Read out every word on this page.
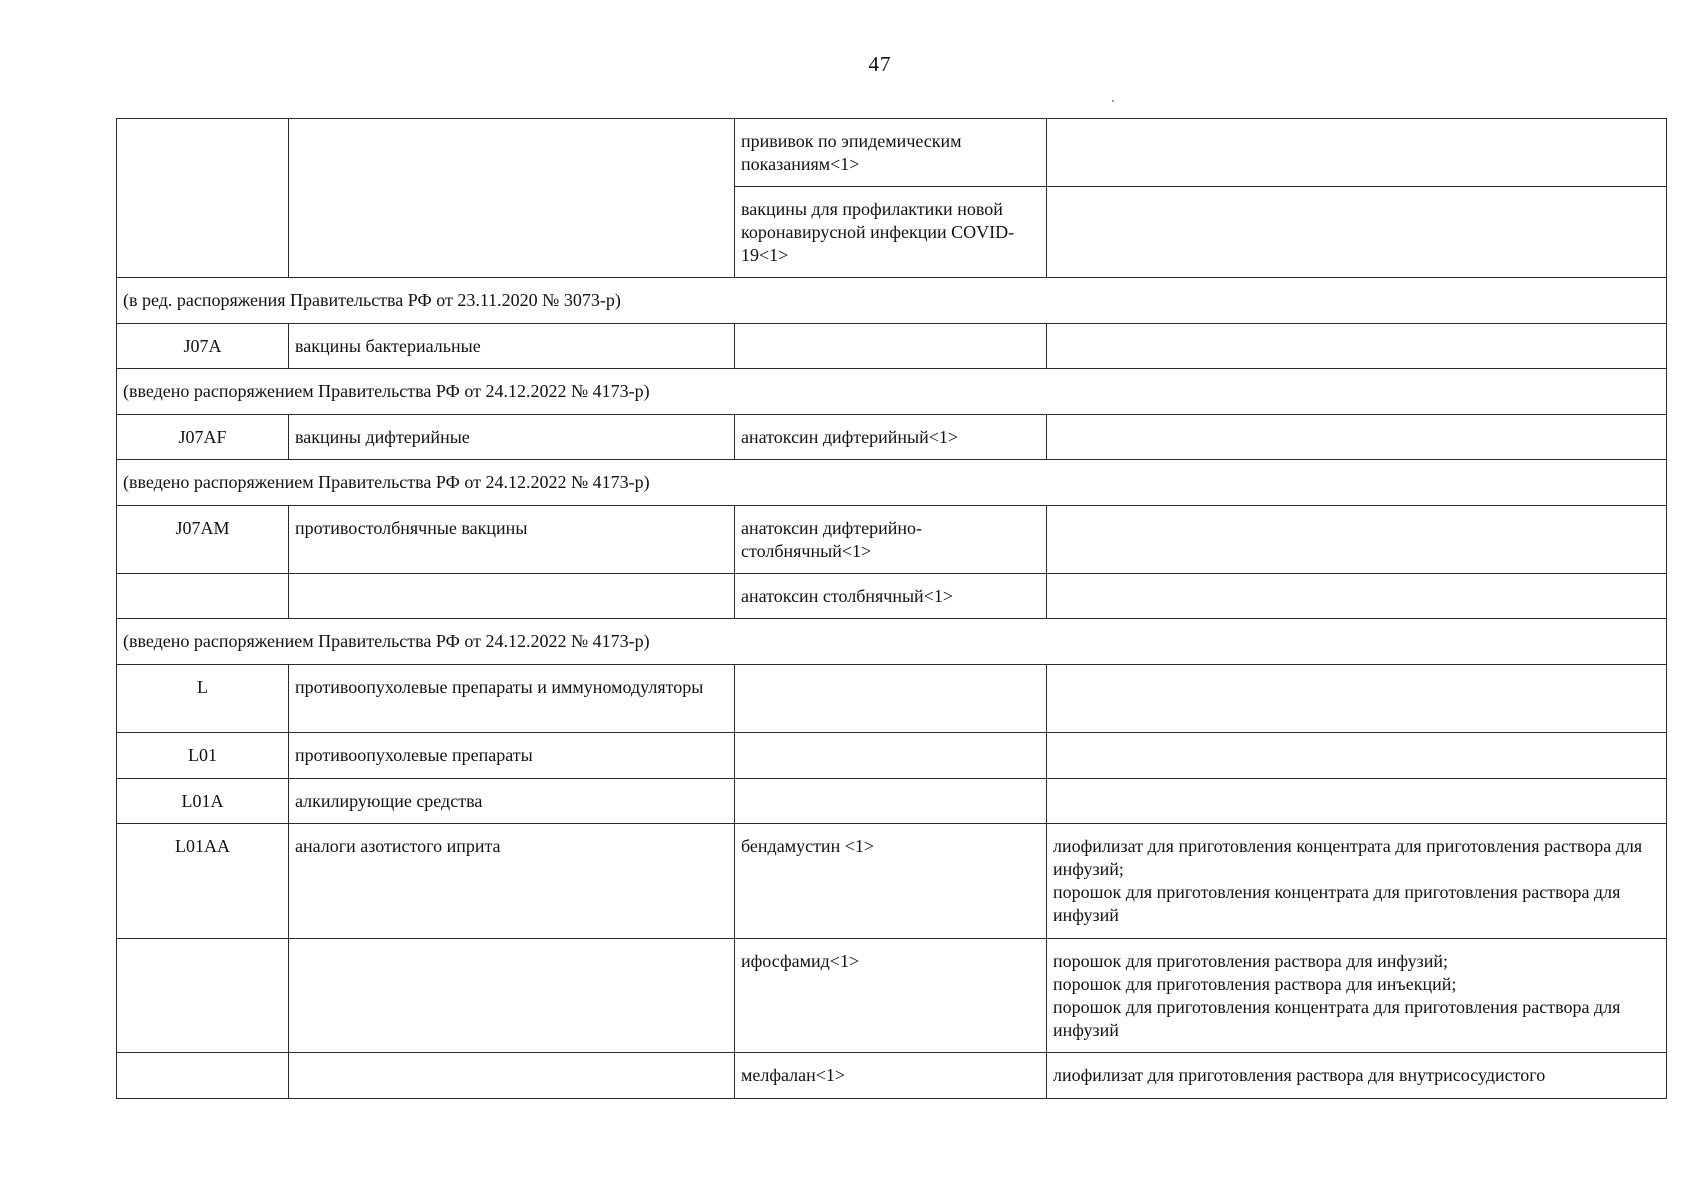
47
		прививок по эпидемическим показаниям<1>	
		вакцины для профилактики новой коронавирусной инфекции COVID-19<1>	
(в ред. распоряжения Правительства РФ от 23.11.2020 № 3073-р)			
J07A	вакцины бактериальные		
(введено распоряжением Правительства РФ от 24.12.2022 № 4173-р)			
J07AF	вакцины дифтерийные	анатоксин дифтерийный<1>	
(введено распоряжением Правительства РФ от 24.12.2022 № 4173-р)			
J07AM	противостолбнячные вакцины	анатоксин дифтерийно-столбнячный<1>	
		анатоксин столбнячный<1>	
(введено распоряжением Правительства РФ от 24.12.2022 № 4173-р)			
L	противоопухолевые препараты и иммуномодуляторы		
L01	противоопухолевые препараты		
L01A	алкилирующие средства		
L01AA	аналоги азотистого иприта	бендамустин <1>	лиофилизат для приготовления концентрата для приготовления раствора для инфузий;
порошок для приготовления концентрата для приготовления раствора для инфузий
		ифосфамид<1>	порошок для приготовления раствора для инфузий;
порошок для приготовления раствора для инъекций;
порошок для приготовления концентрата для приготовления раствора для инфузий
		мелфалан<1>	лиофилизат для приготовления раствора для внутрисосудистого
